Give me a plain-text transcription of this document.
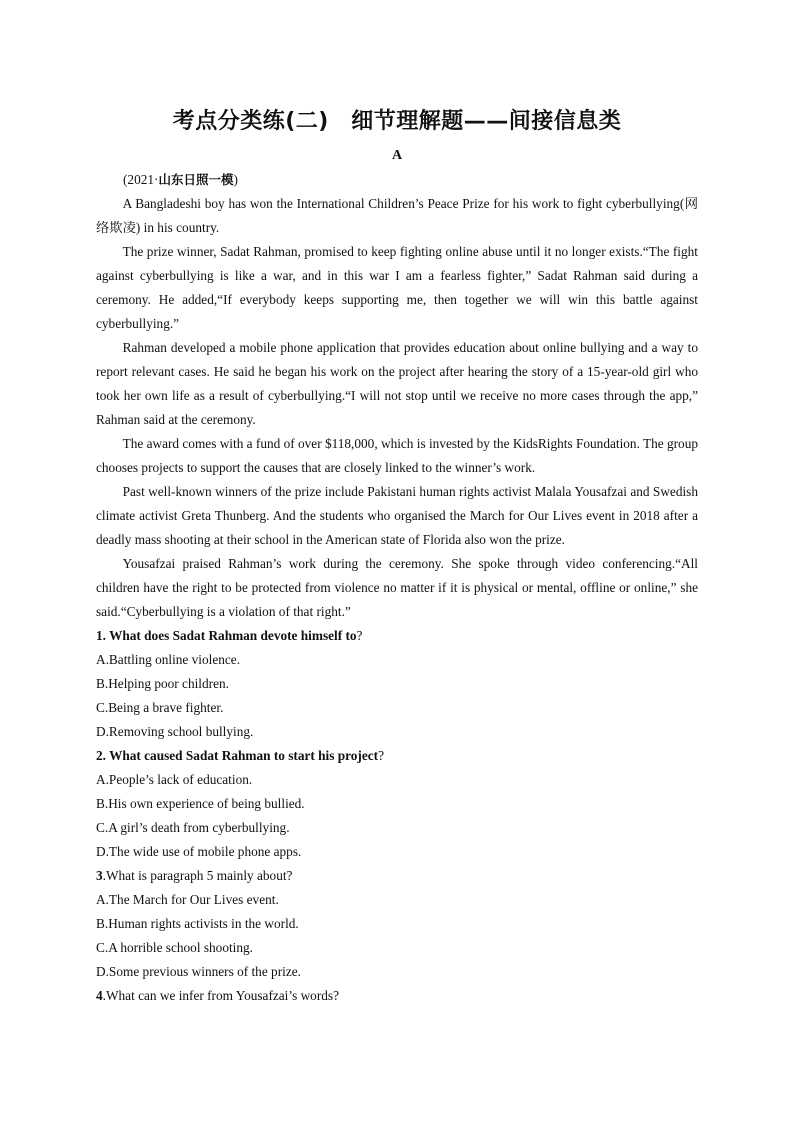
考点分类练(二)　细节理解题——间接信息类
A
(2021·山东日照一模)

A Bangladeshi boy has won the International Children’s Peace Prize for his work to fight cyberbullying(网络欺凌) in his country.

The prize winner, Sadat Rahman, promised to keep fighting online abuse until it no longer exists.“The fight against cyberbullying is like a war, and in this war I am a fearless fighter,” Sadat Rahman said during a ceremony. He added,“If everybody keeps supporting me, then together we will win this battle against cyberbullying.”

Rahman developed a mobile phone application that provides education about online bullying and a way to report relevant cases. He said he began his work on the project after hearing the story of a 15-year-old girl who took her own life as a result of cyberbullying.“I will not stop until we receive no more cases through the app,” Rahman said at the ceremony.

The award comes with a fund of over $118,000, which is invested by the KidsRights Foundation. The group chooses projects to support the causes that are closely linked to the winner’s work.

Past well-known winners of the prize include Pakistani human rights activist Malala Yousafzai and Swedish climate activist Greta Thunberg. And the students who organised the March for Our Lives event in 2018 after a deadly mass shooting at their school in the American state of Florida also won the prize.

Yousafzai praised Rahman’s work during the ceremony. She spoke through video conferencing.“All children have the right to be protected from violence no matter if it is physical or mental, offline or online,” she said.“Cyberbullying is a violation of that right.”

1. What does Sadat Rahman devote himself to?
A.Battling online violence.
B.Helping poor children.
C.Being a brave fighter.
D.Removing school bullying.
2. What caused Sadat Rahman to start his project?
A.People’s lack of education.
B.His own experience of being bullied.
C.A girl’s death from cyberbullying.
D.The wide use of mobile phone apps.
3.What is paragraph 5 mainly about?
A.The March for Our Lives event.
B.Human rights activists in the world.
C.A horrible school shooting.
D.Some previous winners of the prize.
4.What can we infer from Yousafzai’s words?
